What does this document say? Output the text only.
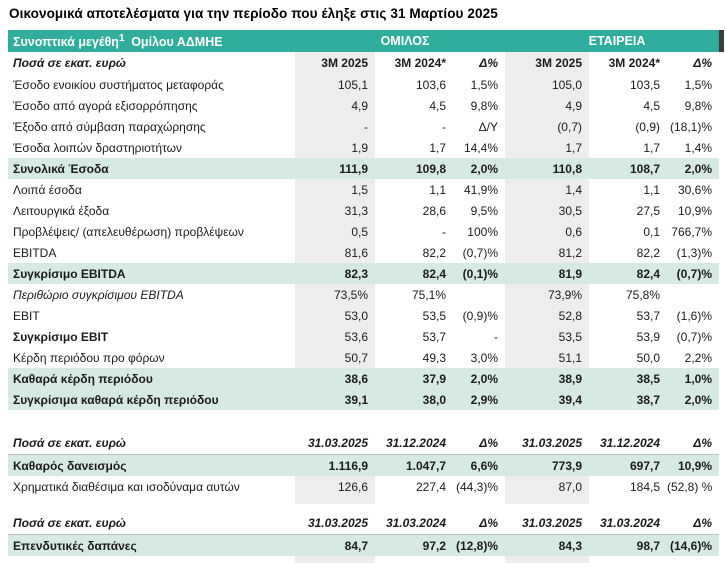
Οικονομικά αποτελέσματα για την περίοδο που έληξε στις 31 Μαρτίου 2025
Συνοπτικά μεγέθη$^1$ Ομίλου ΑΔΜΗΕ	ΟΜΙΛΟΣ	ΕΤΑΙΡΕΙΑ
Ποσά σε εκατ. ευρώ	3M 2025	3M 2024*	Δ%	3M 2025	3M 2024*	Δ%
Έσοδο ενοικίου συστήματος μεταφοράς	105,1	103,6	1,5%	105,0	103,5	1,5%
Έσοδο από αγορά εξισορρόπησης	4,9	4,5	9,8%	4,9	4,5	9,8%
Έξοδο από σύμβαση παραχώρησης	-	-	Δ/Υ	(0,7)	(0,9)	(18,1)%
Έσοδα λοιπών δραστηριοτήτων	1,9	1,7	14,4%	1,7	1,7	1,4%
Συνολικά Έσοδα	111,9	109,8	2,0%	110,8	108,7	2,0%
Λοιπά έσοδα	1,5	1,1	41,9%	1,4	1,1	30,6%
Λειτουργικά έξοδα	31,3	28,6	9,5%	30,5	27,5	10,9%
Προβλέψεις/ (απελευθέρωση) προβλέψεων	0,5	-	100%	0,6	0,1	766,7%
EBITDA	81,6	82,2	(0,7)%	81,2	82,2	(1,3)%
Συγκρίσιμο EBITDA	82,3	82,4	(0,1)%	81,9	82,4	(0,7)%
Περιθώριο συγκρίσιμου EBITDA	73,5%	75,1%		73,9%	75,8%	
EBIT	53,0	53,5	(0,9)%	52,8	53,7	(1,6)%
Συγκρίσιμο EBIT	53,6	53,7	-	53,5	53,9	(0,7)%
Κέρδη περιόδου προ φόρων	50,7	49,3	3,0%	51,1	50,0	2,2%
Καθαρά κέρδη περιόδου	38,6	37,9	2,0%	38,9	38,5	1,0%
Συγκρίσιμα καθαρά κέρδη περιόδου	39,1	38,0	2,9%	39,4	38,7	2,0%
Ποσά σε εκατ. ευρώ	31.03.2025	31.12.2024	Δ%	31.03.2025	31.12.2024	Δ%
Καθαρός δανεισμός	1.116,9	1.047,7	6,6%	773,9	697,7	10,9%
Χρηματικά διαθέσιμα και ισοδύναμα αυτών	126,6	227,4	(44,3)%	87,0	184,5	(52,8) %

Ποσά σε εκατ. ευρώ	31.03.2025	31.03.2024	Δ%	31.03.2025	31.03.2024	Δ%
Επενδυτικές δαπάνες	84,7	97,2	(12,8)%	84,3	98,7	(14,6)%
